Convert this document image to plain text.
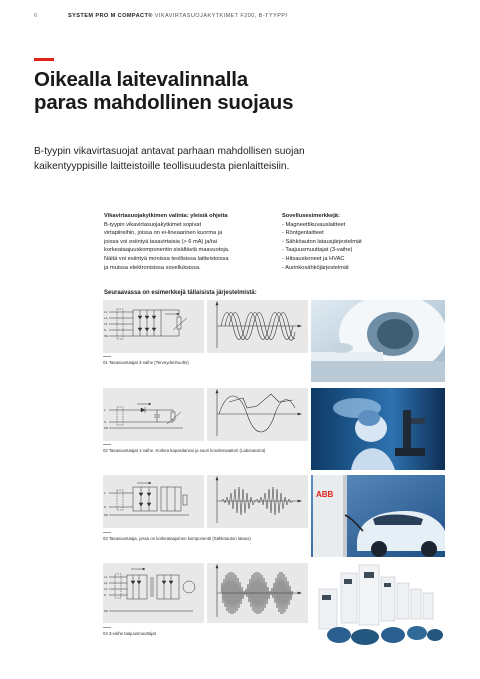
6	SYSTEM PRO M COMPACT® VIKAVIRTASUOJAKYTKIMET F200, B-TYYPPI
Oikealla laitevalinnalla
paras mahdollinen suojaus
B-tyypin vikavirtasuojat antavat parhaan mahdollisen suojan
kaikentyyppisille laitteistoille teollisuudesta pienlaitteisiin.
Vikavirtasuojakytkimen valinta: yleisiä ohjeita
B-tyypin vikavirtasuojakytkimet sopivat
virtapiireihin, joissa on ei-lineaarinen kuorma ja
joissa voi esiintyä tasavirtaisia (> 6 mA) ja/tai
korkeataajuuskomponentin sisältäviä maavuotoja.
Näitä voi esiintyä monissa teollisissa laitteistoissa
ja muissa elektronisissa sovelluksissa.
Sovellusesimerkkejä:
- Magneettikuvauslaitteet
- Röntgenlaitteet
- Sähköauton latausjärjestelmät
- Taajuusmuuttajat (3-vaihe)
- Hitsauskoneet ja HVAC
- Aurinkosähköjärjestelmät
Seuraavassa on esimerkkejä tällaisista järjestelmistä:
L1
L2
L3
N
PE
01 Tasasuuntaajat 3-vaihe (Terveydenhuolto)
L
N
PE
02 Tasasuuntaajat 1-vaihe. Korkea kapasitanssi ja suuri kondensaattori (Laboratoriot)
L
N
PE
ABB
03 Tasasuuntaaja, jossa on korkeataajuinen komponentti (Sähköauton lataus)
L1
L2
L3
N
PE
04 3-vaihe taajuusmuuttajat
